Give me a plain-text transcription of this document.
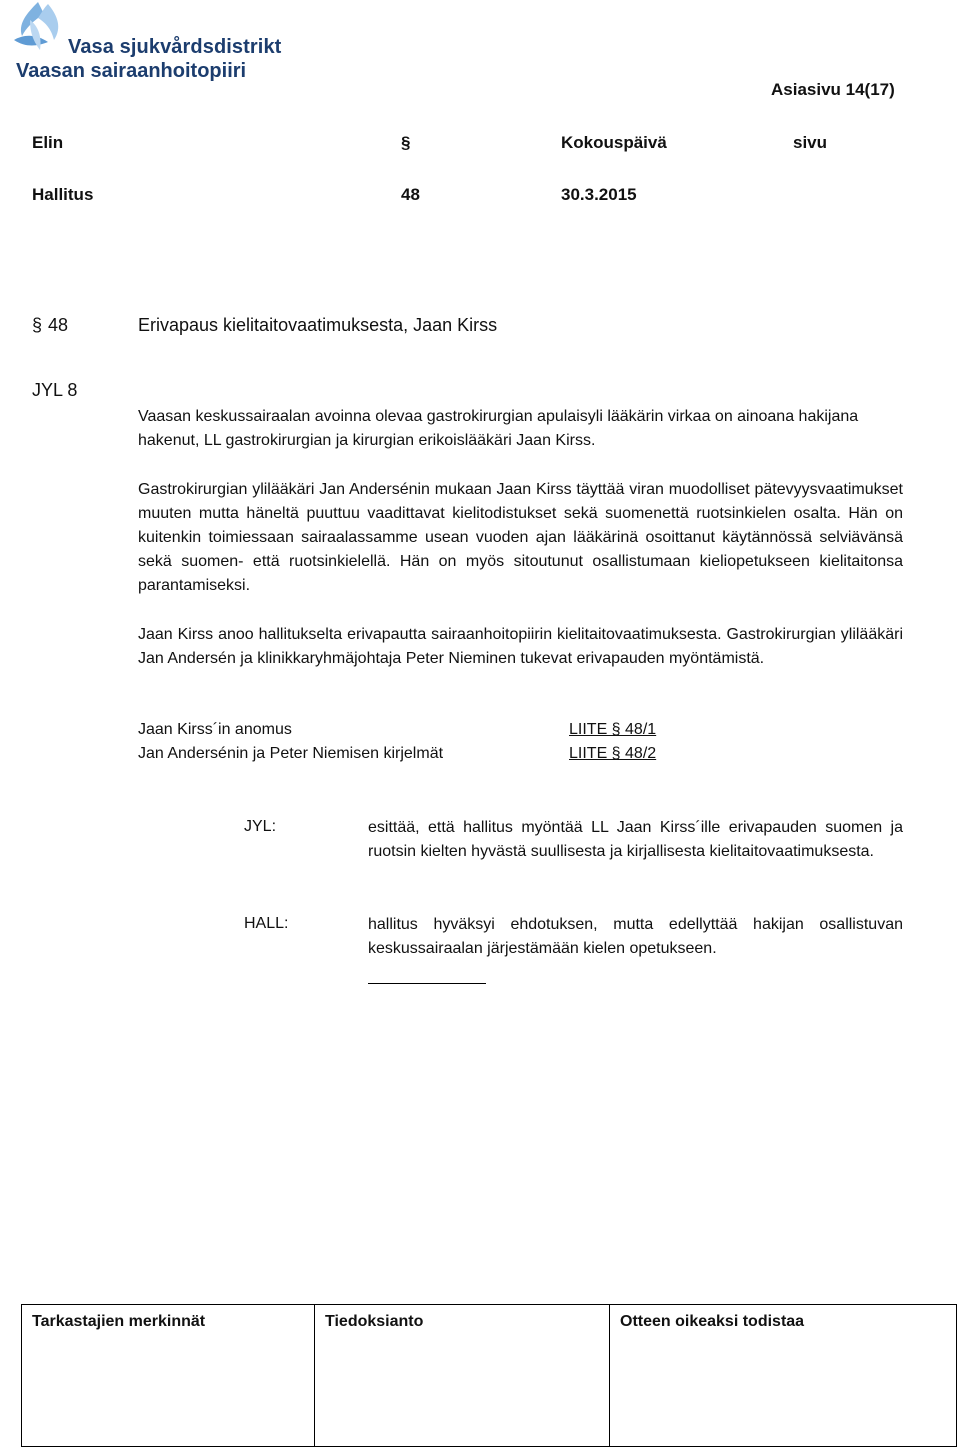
Vasa sjukvårdsdistrikt
Vaasan sairaanhoitopiiri
Asiasivu 14(17)
Elin	§	Kokouspäivä	sivu
Hallitus	48	30.3.2015
§ 48	Erivapaus kielitaitovaatimuksesta, Jaan Kirss
JYL 8

Vaasan keskussairaalan avoinna olevaa gastrokirurgian apulaisyli lääkärin virkaa on ainoana hakijana hakenut, LL gastrokirurgian ja kirurgian erikoislääkäri Jaan Kirss.

Gastrokirurgian ylilääkäri Jan Andersénin mukaan Jaan Kirss täyttää viran muodolliset pätevyysvaatimukset muuten mutta häneltä puuttuu vaadittavat kielitodistukset sekä suomenettä ruotsinkielen osalta. Hän on kuitenkin toimiessaan sairaalassamme usean vuoden ajan lääkärinä osoittanut käytännössä selviävänsä sekä suomen- että ruotsinkielellä. Hän on myös sitoutunut osallistumaan kieliopetukseen kielitaitonsa parantamiseksi.

Jaan Kirss anoo hallitukselta erivapautta sairaanhoitopiirin kielitaitovaatimuksesta. Gastrokirurgian ylilääkäri Jan Andersén ja klinikkaryhmäjohtaja Peter Nieminen tukevat erivapauden myöntämistä.

Jaan Kirss´in anomus	LIITE § 48/1
Jan Andersénin ja Peter Niemisen kirjelmät	LIITE § 48/2
JYL:	esittää, että hallitus myöntää LL Jaan Kirss´ille erivapauden suomen ja ruotsin kielten hyvästä suullisesta ja kirjallisesta kielitaitovaatimuksesta.
HALL:	hallitus hyväksyi ehdotuksen, mutta edellyttää hakijan osallistuvan keskussairaalan järjestämään kielen opetukseen.
Tarkastajien merkinnät	Tiedoksianto	Otteen oikeaksi todistaa
